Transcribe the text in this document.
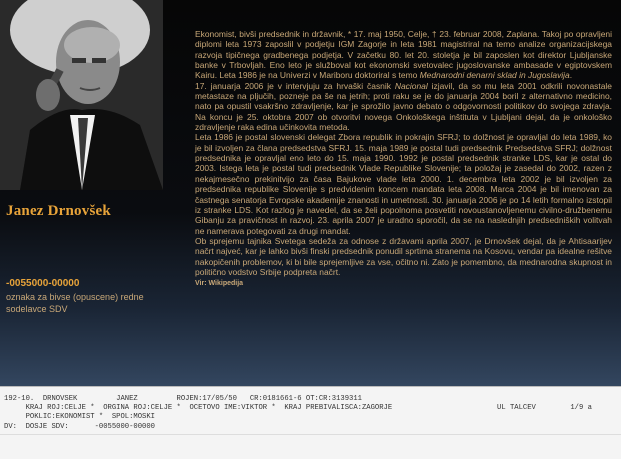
Janez Drnovšek
-0055000-00000
oznaka za bivse (opuscene) redne sodelavce SDV

Ekonomist, bivši predsednik in državnik, * 17. maj 1950, Celje, † 23. februar 2008, Zaplana. Takoj po opravljeni diplomi leta 1973 zaposlil v podjetju IGM Zagorje in leta 1981 magistriral na temo analize organizacijskega razvoja tipičnega gradbenega podjetja. V začetku 80. let 20. stoletja je bil zaposlen kot direktor Ljubljanske banke v Trbovljah. Eno leto je služboval kot ekonomski svetovalec jugoslovanske ambasade v egiptovskem Kairu. Leta 1986 je na Univerzi v Mariboru doktoriral s temo Mednarodni denarni sklad in Jugoslavija.

17. januarja 2006 je v intervjuju za hrvaški časnik Nacional izjavil, da so mu leta 2001 odkrili novonastale metastaze na pljučih, pozneje pa še na jetrih; proti raku se je do januarja 2004 boril z alternativno medicino, nato pa opustil vsakršno zdravljenje, kar je sprožilo javno debato o odgovornosti politikov do svojega zdravja. Na koncu je 25. oktobra 2007 ob otvoritvi novega Onkološkega inštituta v Ljubljani dejal, da je onkološko zdravljenje raka edina učinkovita metoda.

Leta 1986 je postal slovenski delegat Zbora republik in pokrajin SFRJ; to dolžnost je opravljal do leta 1989, ko je bil izvoljen za člana predsedstva SFRJ. 15. maja 1989 je postal tudi predsednik Predsedstva SFRJ; dolžnost predsednika je opravljal eno leto do 15. maja 1990. 1992 je postal predsednik stranke LDS, kar je ostal do 2003. Istega leta je postal tudi predsednik Vlade Republike Slovenije; ta položaj je zasedal do 2002, razen z nekajmesečno prekinitvijo za časa Bajukove vlade leta 2000. 1. decembra leta 2002 je bil izvoljen za predsednika republike Slovenije s predvidenim koncem mandata leta 2008. Marca 2004 je bil imenovan za častnega senatorja Evropske akademije znanosti in umetnosti. 30. januarja 2006 je po 14 letih formalno izstopil iz stranke LDS. Kot razlog je navedel, da se želi popolnoma posvetiti novoustanovljenemu civilno-družbenemu Gibanju za pravičnost in razvoj. 23. aprila 2007 je uradno sporočil, da se na naslednjih predsedniških volitvah ne namerava potegovati za drugi mandat.

Ob sprejemu tajnika Svetega sedeža za odnose z državami aprila 2007, je Drnovšek dejal, da je Ahtisaarijev načrt najveć, kar je lahko bivši finski predsednik ponudil sprtima stranema na Kosovu, vendar pa idealne rešitve nakopičenih problemov, ki bi bile sprejemljive za vse, očitno ni. Zato je pomembno, da mednarodna skupnost in politično vodstvo Srbije podpreta načrt.

Vir: Wikipedija
192-10.  DRNOVSEK         JANEZ         ROJEN:17/05/50   CR:0181661-6 OT:CR:3139311
UL TALCEV        1/9 a
KRAJ ROJ:CELJE *  ORGINA ROJ:CELJE *  OCETOVO IME:VIKTOR *  KRAJ PREBIVALISCA:ZAGORJE
POKLIC:EKONOMIST *  SPOL:MOSKI
DV:  DOSJE SDV:      -0055000-00000
